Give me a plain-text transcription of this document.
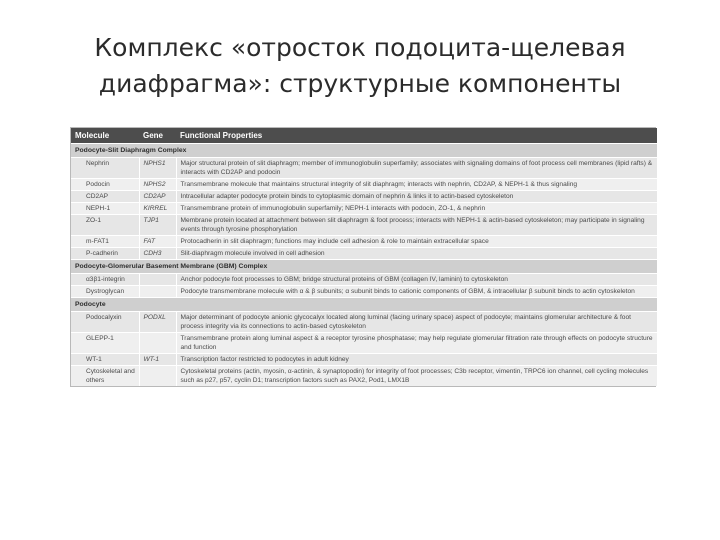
Комплекс «отросток подоцита-щелевая
диафрагма»: структурные компоненты
Molecule	Gene	Functional Properties
Podocyte-Slit Diaphragm Complex		
Nephrin	NPHS1	Major structural protein of slit diaphragm; member of immunoglobulin superfamily; associates with signaling domains of foot process cell membranes (lipid rafts) & interacts with CD2AP and podocin
Podocin	NPHS2	Transmembrane molecule that maintains structural integrity of slit diaphragm; interacts with nephrin, CD2AP, & NEPH-1 & thus signaling
CD2AP	CD2AP	Intracellular adapter podocyte protein binds to cytoplasmic domain of nephrin & links it to actin-based cytoskeleton
NEPH-1	KIRREL	Transmembrane protein of immunoglobulin superfamily; NEPH-1 interacts with podocin, ZO-1, & nephrin
ZO-1	TJP1	Membrane protein located at attachment between slit diaphragm & foot process; interacts with NEPH-1 & actin-based cytoskeleton; may participate in signaling events through tyrosine phosphorylation
m-FAT1	FAT	Protocadherin in slit diaphragm; functions may include cell adhesion & role to maintain extracellular space
P-cadherin	CDH3	Slit-diaphragm molecule involved in cell adhesion
Podocyte-Glomerular Basement Membrane (GBM) Complex		
α3β1-integrin		Anchor podocyte foot processes to GBM; bridge structural proteins of GBM (collagen IV, laminin) to cytoskeleton
Dystroglycan		Podocyte transmembrane molecule with α & β subunits; α subunit binds to cationic components of GBM, & intracellular β subunit binds to actin cytoskeleton
Podocyte		
Podocalyxin	PODXL	Major determinant of podocyte anionic glycocalyx located along luminal (facing urinary space) aspect of podocyte; maintains glomerular architecture & foot process integrity via its connections to actin-based cytoskeleton
GLEPP-1		Transmembrane protein along luminal aspect & a receptor tyrosine phosphatase; may help regulate glomerular filtration rate through effects on podocyte structure and function
WT-1	WT-1	Transcription factor restricted to podocytes in adult kidney
Cytoskeletal and others		Cytoskeletal proteins (actin, myosin, α-actinin, & synaptopodin) for integrity of foot processes; C3b receptor, vimentin, TRPC6 ion channel, cell cycling molecules such as p27, p57, cyclin D1; transcription factors such as PAX2, Pod1, LMX1B
